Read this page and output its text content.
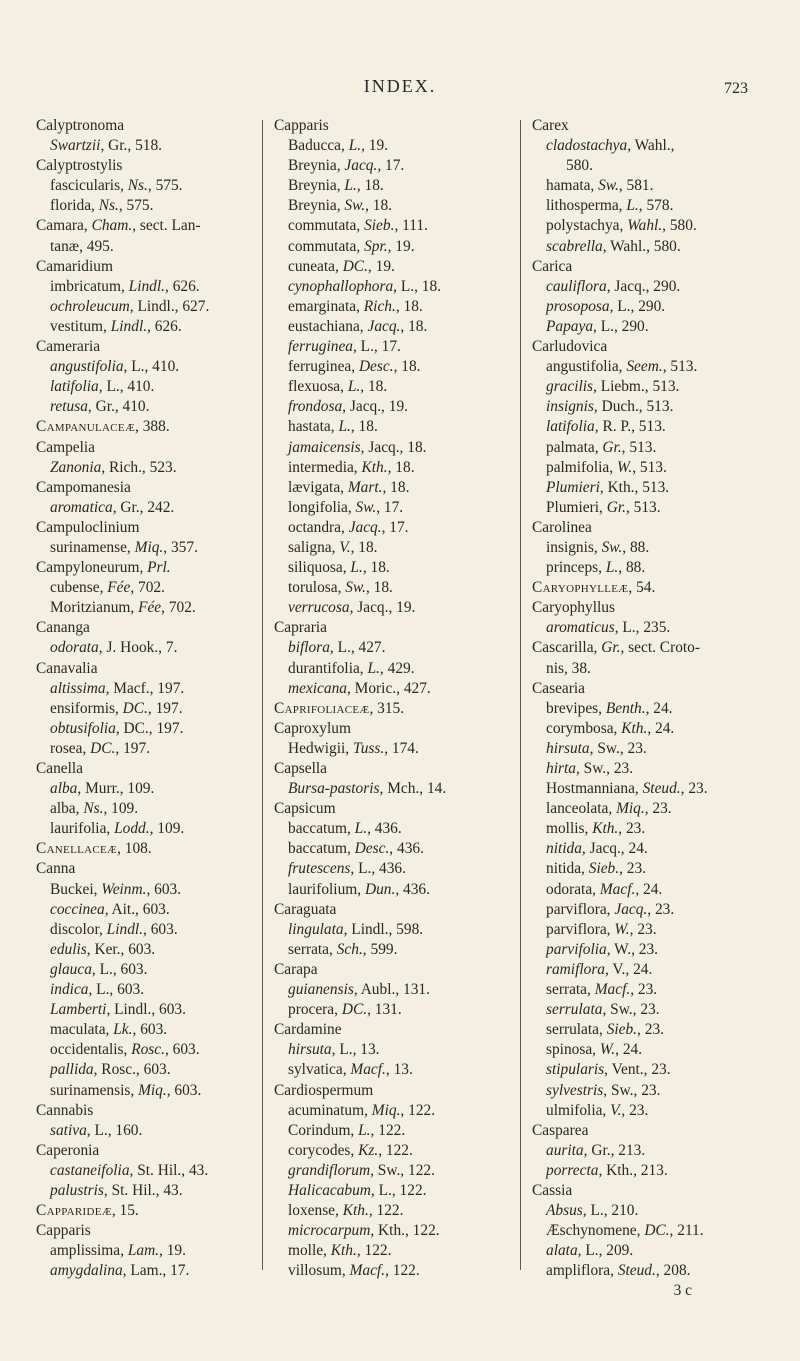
INDEX.	723
Calyptronoma
Swartzii, Gr., 518.
Calyptrostylis
fascicularis, Ns., 575.
florida, Ns., 575.
Camara, Cham., sect. Lan-
tanæ, 495.
Camaridium
imbricatum, Lindl., 626.
ochroleucum, Lindl., 627.
vestitum, Lindl., 626.
Cameraria
angustifolia, L., 410.
latifolia, L., 410.
retusa, Gr., 410.
Campanulaceæ, 388.
Campelia
Zanonia, Rich., 523.
Campomanesia
aromatica, Gr., 242.
Campuloclinium
surinamense, Miq., 357.
Campyloneurum, Prl.
cubense, Fée, 702.
Moritzianum, Fée, 702.
Cananga
odorata, J. Hook., 7.
Canavalia
altissima, Macf., 197.
ensiformis, DC., 197.
obtusifolia, DC., 197.
rosea, DC., 197.
Canella
alba, Murr., 109.
alba, Ns., 109.
laurifolia, Lodd., 109.
Canellaceæ, 108.
Canna
Buckei, Weinm., 603.
coccinea, Ait., 603.
discolor, Lindl., 603.
edulis, Ker., 603.
glauca, L., 603.
indica, L., 603.
Lamberti, Lindl., 603.
maculata, Lk., 603.
occidentalis, Rosc., 603.
pallida, Rosc., 603.
surinamensis, Miq., 603.
Cannabis
sativa, L., 160.
Caperonia
castaneifolia, St. Hil., 43.
palustris, St. Hil., 43.
Capparideæ, 15.
Capparis
amplissima, Lam., 19.
amygdalina, Lam., 17.
Capparis
Baducca, L., 19.
Breynia, Jacq., 17.
Breynia, L., 18.
Breynia, Sw., 18.
commutata, Sieb., 111.
commutata, Spr., 19.
cuneata, DC., 19.
cynophallophora, L., 18.
emarginata, Rich., 18.
eustachiana, Jacq., 18.
ferruginea, L., 17.
ferruginea, Desc., 18.
flexuosa, L., 18.
frondosa, Jacq., 19.
hastata, L., 18.
jamaicensis, Jacq., 18.
intermedia, Kth., 18.
lævigata, Mart., 18.
longifolia, Sw., 17.
octandra, Jacq., 17.
saligna, V., 18.
siliquosa, L., 18.
torulosa, Sw., 18.
verrucosa, Jacq., 19.
Capraria
biflora, L., 427.
durantifolia, L., 429.
mexicana, Moric., 427.
Caprifoliaceæ, 315.
Caproxylum
Hedwigii, Tuss., 174.
Capsella
Bursa-pastoris, Mch., 14.
Capsicum
baccatum, L., 436.
baccatum, Desc., 436.
frutescens, L., 436.
laurifolium, Dun., 436.
Caraguata
lingulata, Lindl., 598.
serrata, Sch., 599.
Carapa
guianensis, Aubl., 131.
procera, DC., 131.
Cardamine
hirsuta, L., 13.
sylvatica, Macf., 13.
Cardiospermum
acuminatum, Miq., 122.
Corindum, L., 122.
corycodes, Kz., 122.
grandiflorum, Sw., 122.
Halicacabum, L., 122.
loxense, Kth., 122.
microcarpum, Kth., 122.
molle, Kth., 122.
villosum, Macf., 122.
Carex
cladostachya, Wahl.,
580.
hamata, Sw., 581.
lithosperma, L., 578.
polystachya, Wahl., 580.
scabrella, Wahl., 580.
Carica
cauliflora, Jacq., 290.
prosoposa, L., 290.
Papaya, L., 290.
Carludovica
angustifolia, Seem., 513.
gracilis, Liebm., 513.
insignis, Duch., 513.
latifolia, R. P., 513.
palmata, Gr., 513.
palmifolia, W., 513.
Plumieri, Kth., 513.
Plumieri, Gr., 513.
Carolinea
insignis, Sw., 88.
princeps, L., 88.
Caryophylleæ, 54.
Caryophyllus
aromaticus, L., 235.
Cascarilla, Gr., sect. Croto-
nis, 38.
Casearia
brevipes, Benth., 24.
corymbosa, Kth., 24.
hirsuta, Sw., 23.
hirta, Sw., 23.
Hostmanniana, Steud., 23.
lanceolata, Miq., 23.
mollis, Kth., 23.
nitida, Jacq., 24.
nitida, Sieb., 23.
odorata, Macf., 24.
parviflora, Jacq., 23.
parviflora, W., 23.
parvifolia, W., 23.
ramiflora, V., 24.
serrata, Macf., 23.
serrulata, Sw., 23.
serrulata, Sieb., 23.
spinosa, W., 24.
stipularis, Vent., 23.
sylvestris, Sw., 23.
ulmifolia, V., 23.
Casparea
aurita, Gr., 213.
porrecta, Kth., 213.
Cassia
Absus, L., 210.
Æschynomene, DC., 211.
alata, L., 209.
ampliflora, Steud., 208.
3 c
